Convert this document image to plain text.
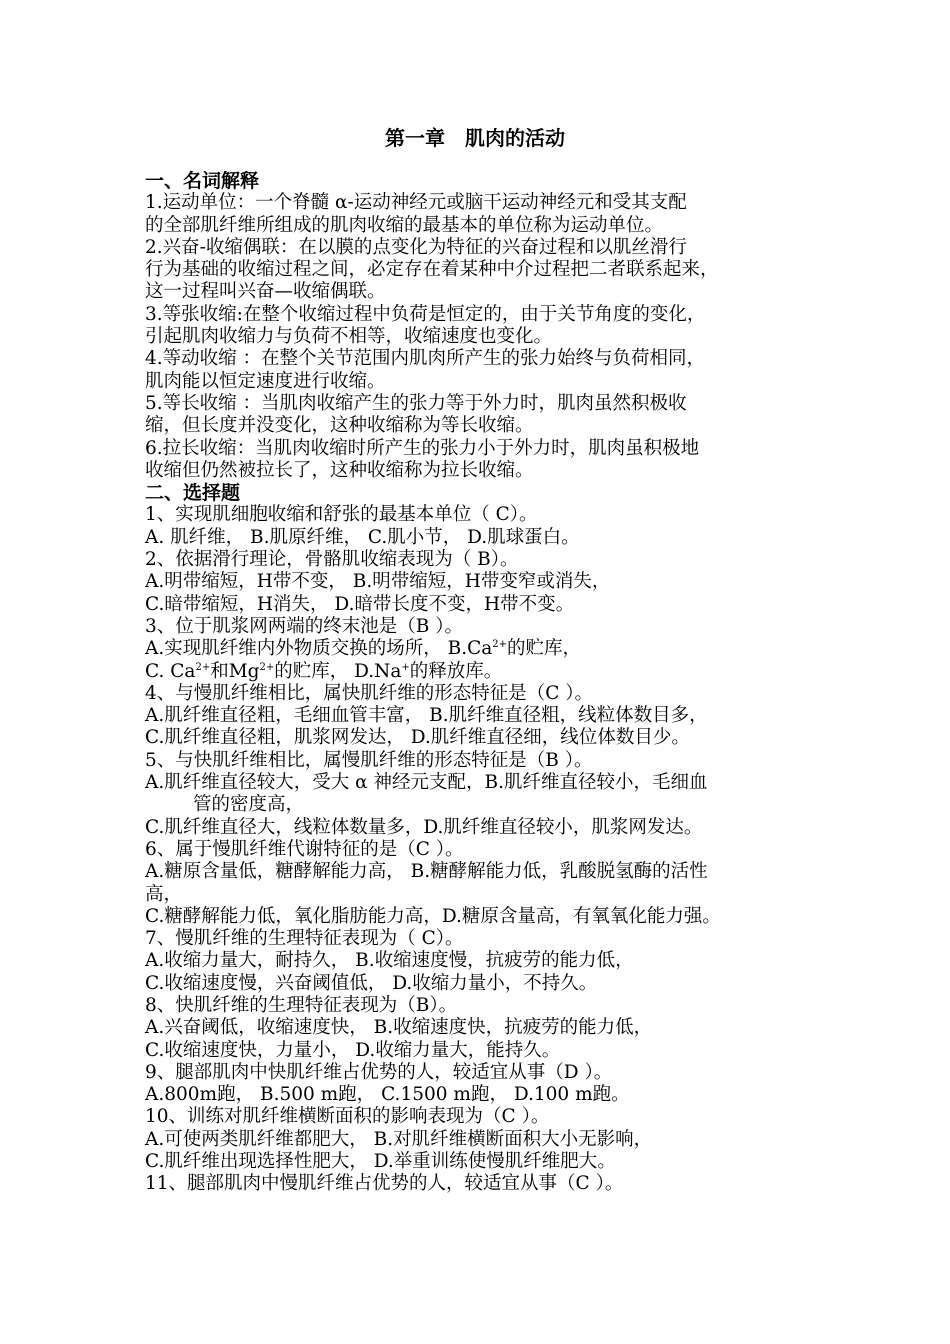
第一章　肌肉的活动
一、名词解释
1.运动单位：一个脊髓 α-运动神经元或脑干运动神经元和受其支配
的全部肌纤维所组成的肌肉收缩的最基本的单位称为运动单位。
2.兴奋-收缩偶联：在以膜的点变化为特征的兴奋过程和以肌丝滑行
行为基础的收缩过程之间，必定存在着某种中介过程把二者联系起来，
这一过程叫兴奋—收缩偶联。
3.等张收缩:在整个收缩过程中负荷是恒定的，由于关节角度的变化，
引起肌肉收缩力与负荷不相等，收缩速度也变化。
4.等动收缩 ：在整个关节范围内肌肉所产生的张力始终与负荷相同，
肌肉能以恒定速度进行收缩。
5.等长收缩 ：当肌肉收缩产生的张力等于外力时，肌肉虽然积极收
缩，但长度并没变化，这种收缩称为等长收缩。
6.拉长收缩：当肌肉收缩时所产生的张力小于外力时，肌肉虽积极地
收缩但仍然被拉长了，这种收缩称为拉长收缩。
二、选择题
1、实现肌细胞收缩和舒张的最基本单位（ C）。
A. 肌纤维， B.肌原纤维， C.肌小节， D.肌球蛋白。
2、依据滑行理论，骨骼肌收缩表现为（ B）。
A.明带缩短，H带不变， B.明带缩短，H带变窄或消失，
C.暗带缩短，H消失， D.暗带长度不变，H带不变。
3、位于肌浆网两端的终末池是（B ）。
A.实现肌纤维内外物质交换的场所， $B.Ca^{2+}$的贮库，
C. $Ca^{2+}$和$Mg^{2+}$的贮库， D.Na+的释放库。
4、与慢肌纤维相比，属快肌纤维的形态特征是（C ）。
A.肌纤维直径粗，毛细血管丰富， B.肌纤维直径粗，线粒体数目多，
C.肌纤维直径粗，肌浆网发达， D.肌纤维直径细，线位体数目少。
5、与快肌纤维相比，属慢肌纤维的形态特征是（B ）。
A.肌纤维直径较大，受大 α 神经元支配，B.肌纤维直径较小，毛细血
管的密度高，
C.肌纤维直径大，线粒体数量多，D.肌纤维直径较小，肌浆网发达。
6、属于慢肌纤维代谢特征的是（C ）。
A.糖原含量低，糖酵解能力高， B.糖酵解能力低，乳酸脱氢酶的活性
高，
C.糖酵解能力低，氧化脂肪能力高，D.糖原含量高，有氧氧化能力强。
7、慢肌纤维的生理特征表现为（ C）。
A.收缩力量大，耐持久， B.收缩速度慢，抗疲劳的能力低，
C.收缩速度慢，兴奋阈值低， D.收缩力量小，不持久。
8、快肌纤维的生理特征表现为（B）。
A.兴奋阈低，收缩速度快， B.收缩速度快，抗疲劳的能力低，
C.收缩速度快，力量小， D.收缩力量大，能持久。
9、腿部肌肉中快肌纤维占优势的人，较适宜从事（D ）。
A.800m跑， B.500 m跑， C.1500 m跑， D.100 m跑。
10、训练对肌纤维横断面积的影响表现为（C ）。
A.可使两类肌纤维都肥大， B.对肌纤维横断面积大小无影响，
C.肌纤维出现选择性肥大， D.举重训练使慢肌纤维肥大。
11、腿部肌肉中慢肌纤维占优势的人，较适宜从事（C ）。
